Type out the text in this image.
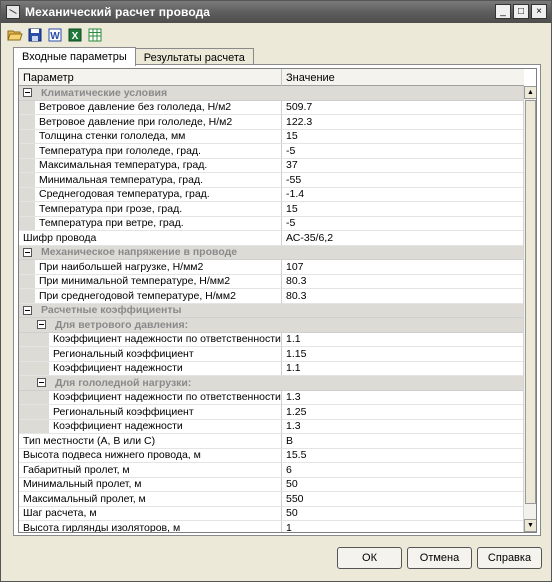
Механический расчет провода	_	□	×
W X
Входные параметры	Результаты расчета
Параметр	Значение
Климатические условия
Ветровое давление без гололеда, Н/м2	509.7
Ветровое давление при гололеде, Н/м2	122.3
Толщина стенки гололеда, мм	15
Температура при гололеде, град.	-5
Максимальная температура, град.	37
Минимальная температура, град.	-55
Среднегодовая температура, град.	-1.4
Температура при грозе, град.	15
Температура при ветре, град.	-5
Шифр провода	АС-35/6,2
Механическое напряжение в проводе
При наибольшей нагрузке, Н/мм2	107
При минимальной температуре, Н/мм2	80.3
При среднегодовой температуре, Н/мм2	80.3
Расчетные коэффициенты
Для ветрового давления:
Коэффициент надежности по ответственности 1.1
Региональный коэффициент	1.15
Коэффициент надежности	1.1
Для гололедной нагрузки:
Коэффициент надежности по ответственности 1.3
Региональный коэффициент	1.25
Коэффициент надежности	1.3
Тип местности (А, В или С)	В
Высота подвеса нижнего провода, м	15.5
Габаритный пролет, м	6
Минимальный пролет, м	50
Максимальный пролет, м	550
Шаг расчета, м	50
Высота гирлянды изоляторов, м	1
▲
▼
ОК	Отмена	Справка
